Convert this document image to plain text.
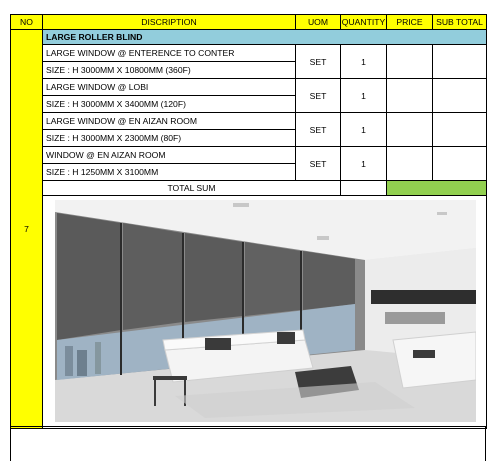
NO	DISCRIPTION	UOM	QUANTITY	PRICE	SUB TOTAL
7	LARGE ROLLER BLIND				
	LARGE WINDOW @ ENTERENCE TO CONTER	SET	1		
	SIZE : H 3000MM X 10800MM (360F)				
	LARGE WINDOW @ LOBI	SET	1		
	SIZE : H 3000MM X 3400MM (120F)				
	LARGE WINDOW @ EN AIZAN ROOM	SET	1		
	SIZE : H 3000MM X 2300MM (80F)				
	WINDOW @ EN AIZAN ROOM	SET	1		
	SIZE : H 1250MM X 3100MM				
	TOTAL SUM				
